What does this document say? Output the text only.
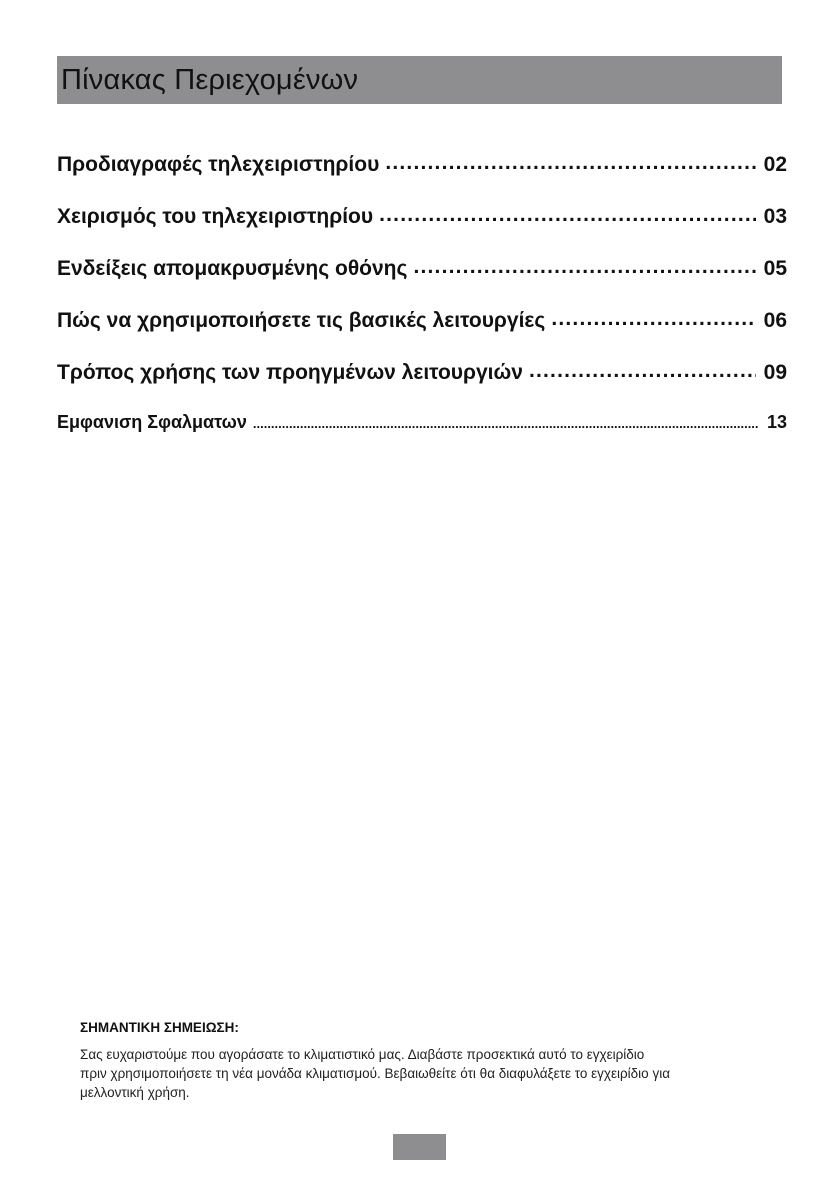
Πίνακας Περιεχομένων
Προδιαγραφές τηλεχειριστηρίου .....	02
Χειρισμός του τηλεχειριστηρίου .....	03
Ενδείξεις απομακρυσμένης οθόνης .....	05
Πώς να χρησιμοποιήσετε τις βασικές λειτουργίες .....	06
Τρόπος χρήσης των προηγμένων λειτουργιών .....	09
Εμφανιση Σφαλματων .....	13
ΣΗΜΑΝΤΙΚΗ ΣΗΜΕΙΩΣΗ:

Σας ευχαριστούμε που αγοράσατε το κλιματιστικό μας. Διαβάστε προσεκτικά αυτό το εγχειρίδιο
πριν χρησιμοποιήσετε τη νέα μονάδα κλιματισμού. Βεβαιωθείτε ότι θα διαφυλάξετε το εγχειρίδιο για
μελλοντική χρήση.
